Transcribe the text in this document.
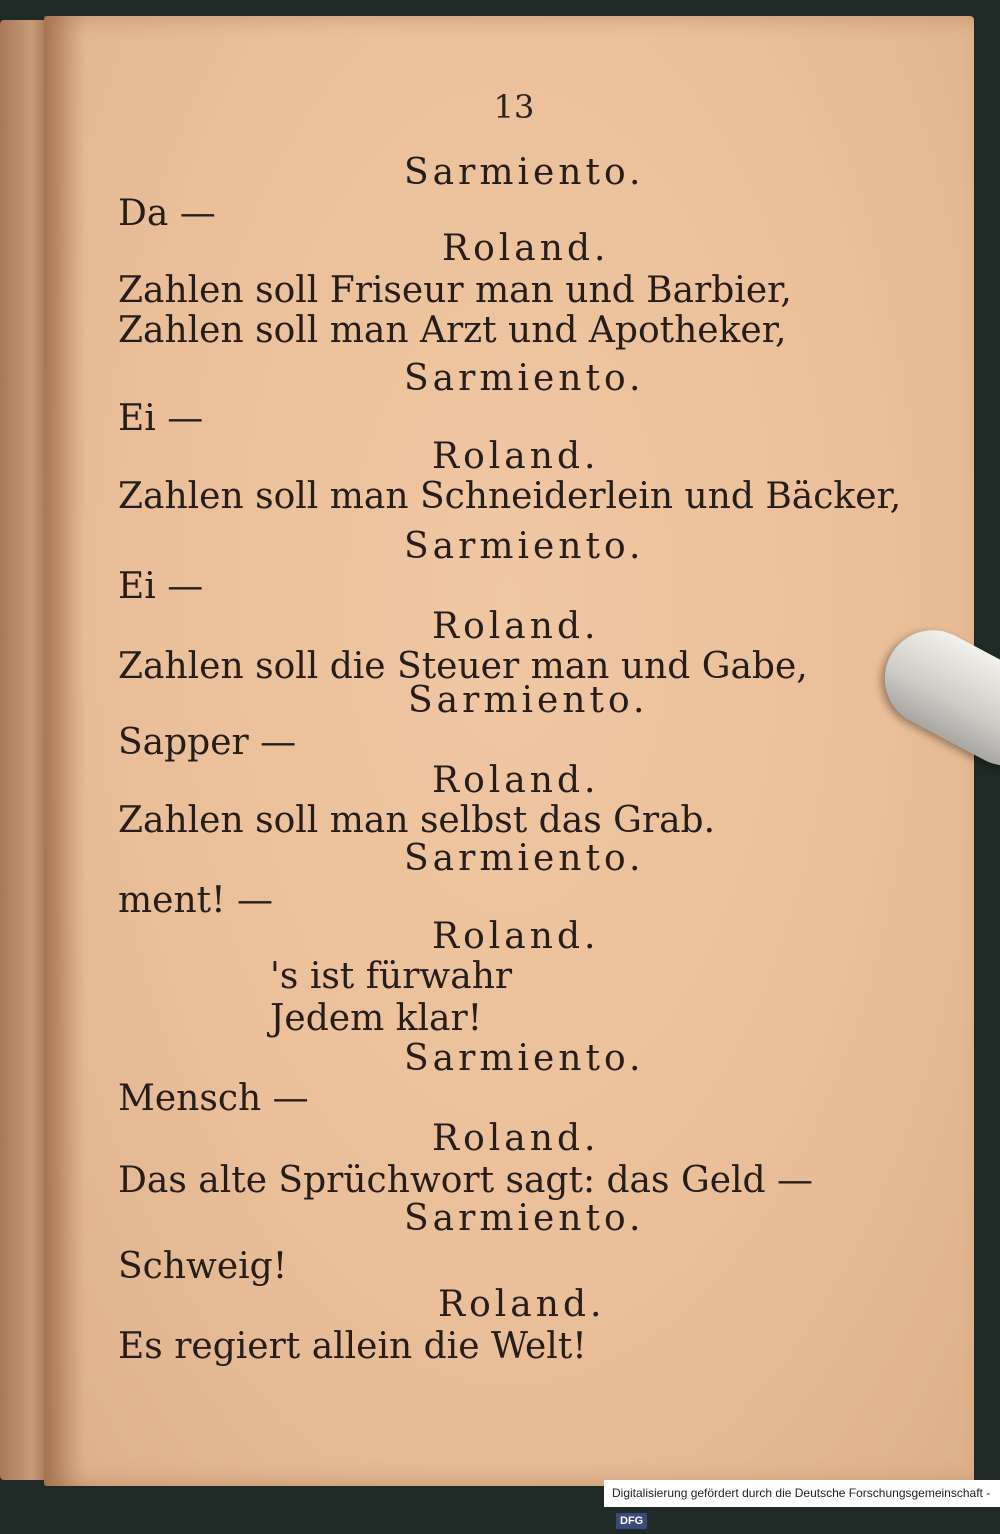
13
Sarmiento.
Da —
Roland.
Zahlen soll Friseur man und Barbier,
Zahlen soll man Arzt und Apotheker,
Sarmiento.
Ei —
Roland.
Zahlen soll man Schneiderlein und Bäcker,
Sarmiento.
Ei —
Roland.
Zahlen soll die Steuer man und Gabe,
Sarmiento.
Sapper —
Roland.
Zahlen soll man selbst das Grab.
Sarmiento.
ment! —
Roland.
's ist fürwahr
Jedem klar!
Sarmiento.
Mensch —
Roland.
Das alte Sprüchwort sagt: das Geld —
Sarmiento.
Schweig!
Roland.
Es regiert allein die Welt!
Digitalisierung gefördert durch die Deutsche Forschungsgemeinschaft -DFG
